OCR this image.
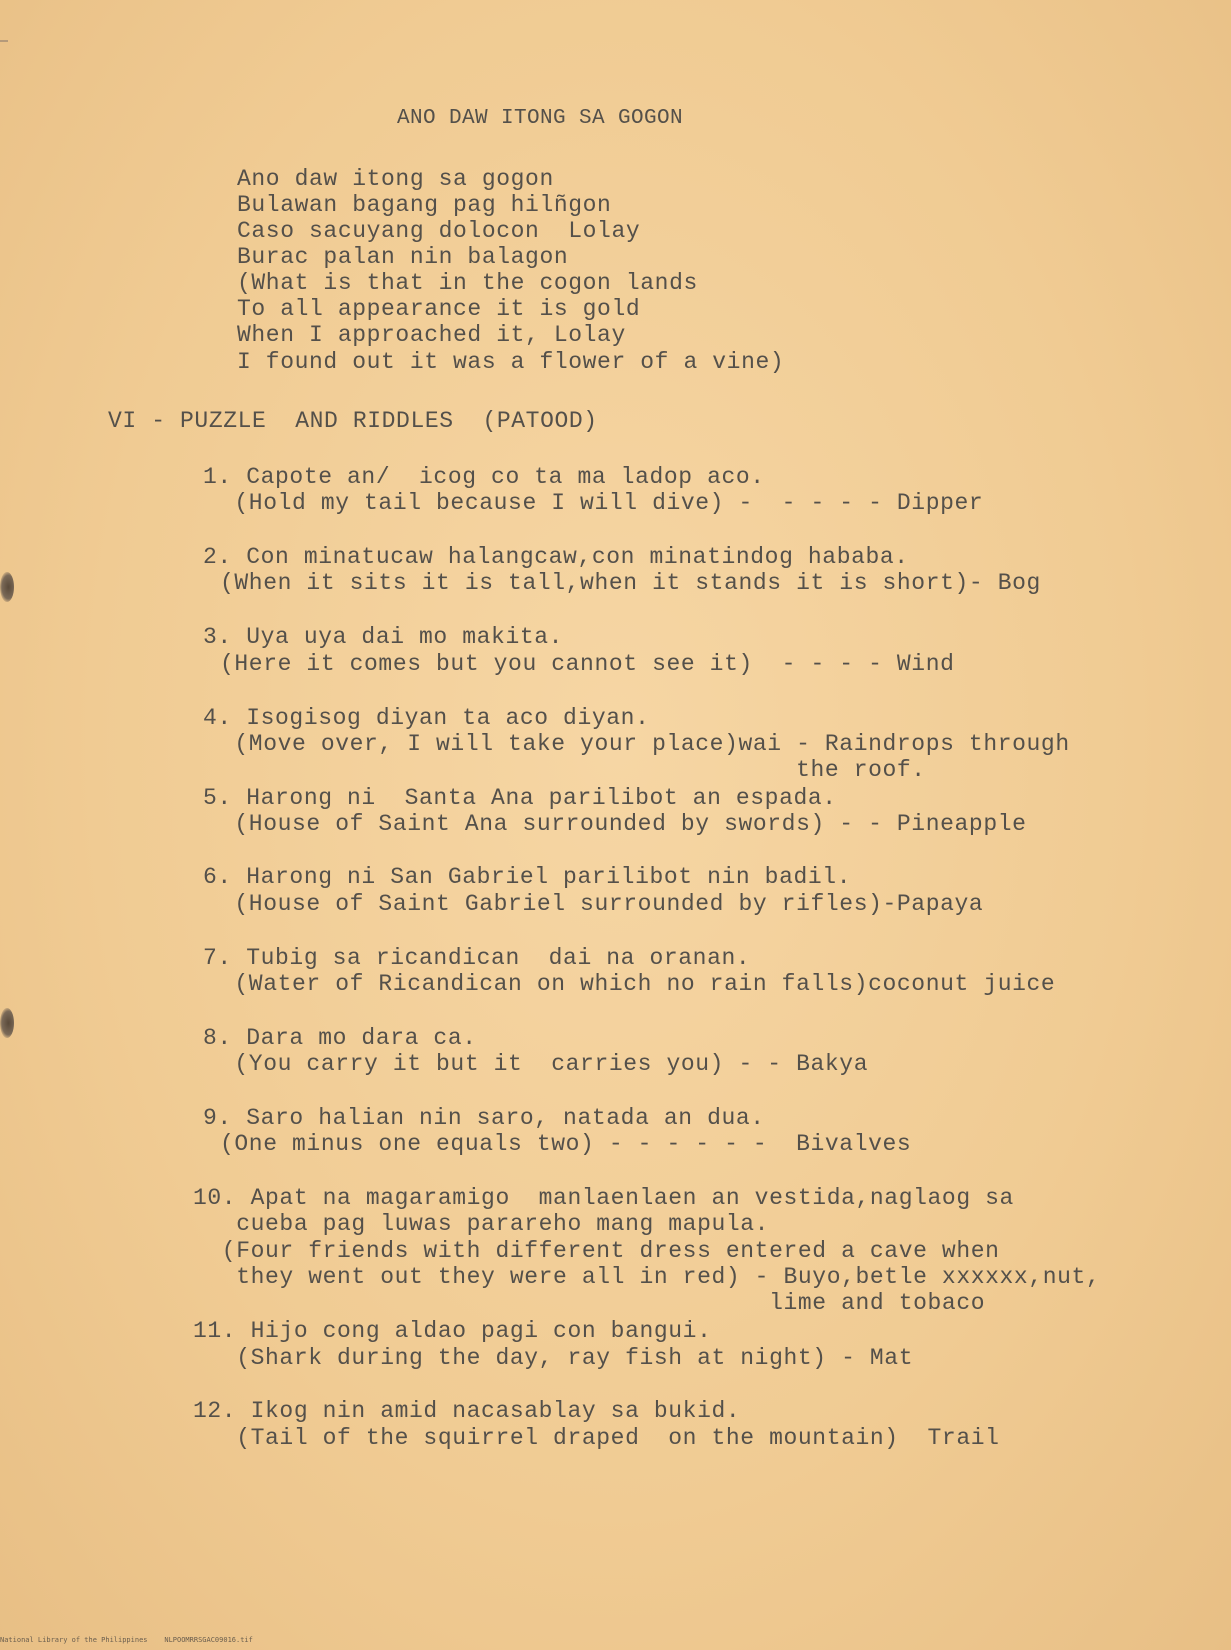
ANO DAW ITONG SA GOGON

Ano daw itong sa gogon

Bulawan bagang pag hilñgon

Caso sacuyang dolocon  Lolay

Burac palan nin balagon

(What is that in the cogon lands

To all appearance it is gold

When I approached it, Lolay

I found out it was a flower of a vine)

VI - PUZZLE  AND RIDDLES  (PATOOD)

1. Capote an/  icog co ta ma ladop aco.

(Hold my tail because I will dive) -  - - - - Dipper

2. Con minatucaw halangcaw,con minatindog hababa.

(When it sits it is tall,when it stands it is short)- Bog

3. Uya uya dai mo makita.

(Here it comes but you cannot see it)  - - - - Wind

4. Isogisog diyan ta aco diyan.

(Move over, I will take your place)wai - Raindrops through

the roof.

5. Harong ni  Santa Ana parilibot an espada.

(House of Saint Ana surrounded by swords) - - Pineapple

6. Harong ni San Gabriel parilibot nin badil.

(House of Saint Gabriel surrounded by rifles)-Papaya

7. Tubig sa ricandican  dai na oranan.

(Water of Ricandican on which no rain falls)coconut juice

8. Dara mo dara ca.

(You carry it but it  carries you) - - Bakya

9. Saro halian nin saro, natada an dua.

(One minus one equals two) - - - - - -  Bivalves

10. Apat na magaramigo  manlaenlaen an vestida,naglaog sa

cueba pag luwas parareho mang mapula.

(Four friends with different dress entered a cave when

they went out they were all in red) - Buyo,betle xxxxxx,nut,

lime and tobaco

11. Hijo cong aldao pagi con bangui.

(Shark during the day, ray fish at night) - Mat

12. Ikog nin amid nacasablay sa bukid.

(Tail of the squirrel draped  on the mountain)  Trail

National Library of the Philippines    NLPOOMRRSGAC09016.tif
